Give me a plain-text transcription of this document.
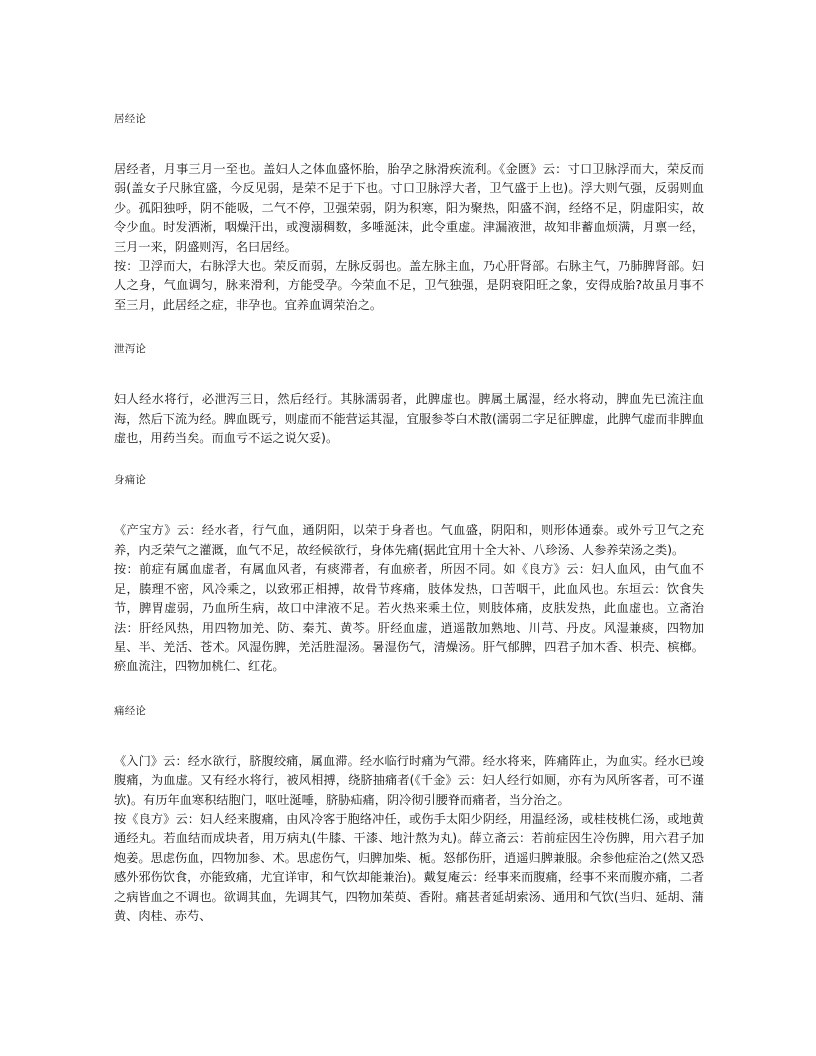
居经论

居经者，月事三月一至也。盖妇人之体血盛怀胎，胎孕之脉滑疾流利。《金匮》云：寸口卫脉浮而大，荣反而弱(盖女子尺脉宜盛，今反见弱，是荣不足于下也。寸口卫脉浮大者，卫气盛于上也)。浮大则气强，反弱则血少。孤阳独呼，阴不能吸，二气不停，卫强荣弱，阴为积寒，阳为聚热，阳盛不润，经络不足，阴虚阳实，故令少血。时发洒淅，咽燥汗出，或溲溺稠数，多唾涎沫，此令重虚。津漏液泄，故知非蓄血烦满，月禀一经，三月一来，阴盛则泻，名曰居经。

按：卫浮而大，右脉浮大也。荣反而弱，左脉反弱也。盖左脉主血，乃心肝肾部。右脉主气，乃肺脾肾部。妇人之身，气血调匀，脉来滑利，方能受孕。今荣血不足，卫气独强，是阴衰阳旺之象，安得成胎?故虽月事不至三月，此居经之症，非孕也。宜养血调荣治之。

泄泻论

妇人经水将行，必泄泻三日，然后经行。其脉濡弱者，此脾虚也。脾属土属湿，经水将动，脾血先已流注血海，然后下流为经。脾血既亏，则虚而不能营运其湿，宜服参苓白术散(濡弱二字足征脾虚，此脾气虚而非脾血虚也，用药当矣。而血亏不运之说欠妥)。

身痛论

《产宝方》云：经水者，行气血，通阴阳，以荣于身者也。气血盛，阴阳和，则形体通泰。或外亏卫气之充养，内乏荣气之灌溉，血气不足，故经候欲行，身体先痛(据此宜用十全大补、八珍汤、人参养荣汤之类)。

按：前症有属血虚者，有属血风者，有痰滞者，有血瘀者，所因不同。如《良方》云：妇人血风，由气血不足，腠理不密，风冷乘之，以致邪正相搏，故骨节疼痛，肢体发热，口苦咽干，此血风也。东垣云：饮食失节，脾胃虚弱，乃血所生病，故口中津液不足。若火热来乘土位，则肢体痛，皮肤发热，此血虚也。立斋治法：肝经风热，用四物加羌、防、秦艽、黄芩。肝经血虚，逍遥散加熟地、川芎、丹皮。风湿兼痰，四物加星、半、羌活、苍术。风湿伤脾，羌活胜湿汤。暑湿伤气，清燥汤。肝气郁脾，四君子加木香、枳壳、槟榔。瘀血流注，四物加桃仁、红花。

痛经论

《入门》云：经水欲行，脐腹绞痛，属血滞。经水临行时痛为气滞。经水将来，阵痛阵止，为血实。经水已竣腹痛，为血虚。又有经水将行，被风相搏，绕脐抽痛者(《千金》云：妇人经行如厕，亦有为风所客者，可不谨欤)。有历年血寒积结胞门，呕吐涎唾，脐胁疝痛，阴冷彻引腰脊而痛者，当分治之。

按《良方》云：妇人经来腹痛，由风冷客于胞络冲任，或伤手太阳少阴经，用温经汤，或桂枝桃仁汤，或地黄通经丸。若血结而成块者，用万病丸(牛膝、干漆、地汁熬为丸)。薛立斋云：若前症因生冷伤脾，用六君子加炮姜。思虑伤血，四物加参、术。思虑伤气，归脾加柴、栀。怒郁伤肝，逍遥归脾兼服。余参他症治之(然又恐感外邪伤饮食，亦能致痛，尤宜详审，和气饮却能兼治)。戴复庵云：经事来而腹痛，经事不来而腹亦痛，二者之病皆血之不调也。欲调其血，先调其气，四物加茱萸、香附。痛甚者延胡索汤、通用和气饮(当归、延胡、蒲黄、肉桂、赤芍、
